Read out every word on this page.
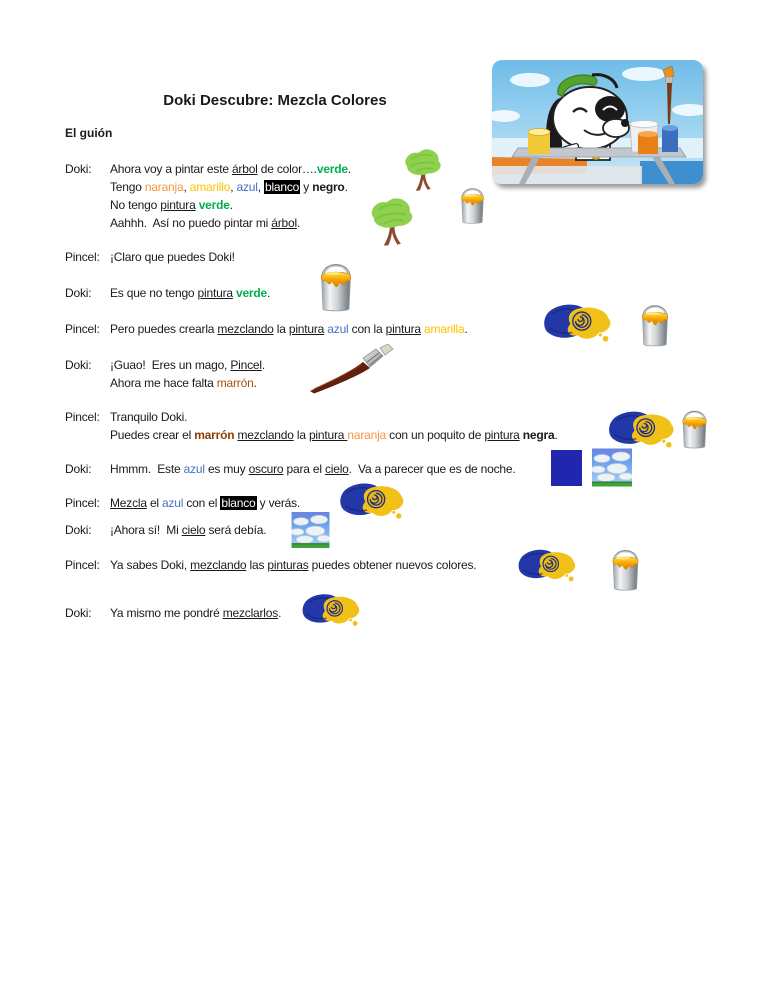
Doki Descubre: Mezcla Colores
El guión
Doki:	Ahora voy a pintar este árbol de color….verde.
Tengo naranja, amarillo, azul, blanco y negro.
No tengo pintura verde.
Aahhh.  Así no puedo pintar mi árbol.
Pincel: ¡Claro que puedes Doki!
Doki:	Es que no tengo pintura verde.
Pincel: Pero puedes crearla mezclando la pintura azul con la pintura amarilla.
Doki:	¡Guao!  Eres un mago, Pincel.
Ahora me hace falta marrón.
Pincel: Tranquilo Doki.
Puedes crear el marrón mezclando la pintura naranja con un poquito de pintura negra.
Doki:	Hmmm.  Este azul es muy oscuro para el cielo.  Va a parecer que es de noche.
Pincel: Mezcla el azul con el blanco y verás.
Doki:	¡Ahora sí!  Mi cielo será debía.
Pincel: Ya sabes Doki, mezclando las pinturas puedes obtener nuevos colores.
Doki:	Ya mismo me pondré mezclarlos.
